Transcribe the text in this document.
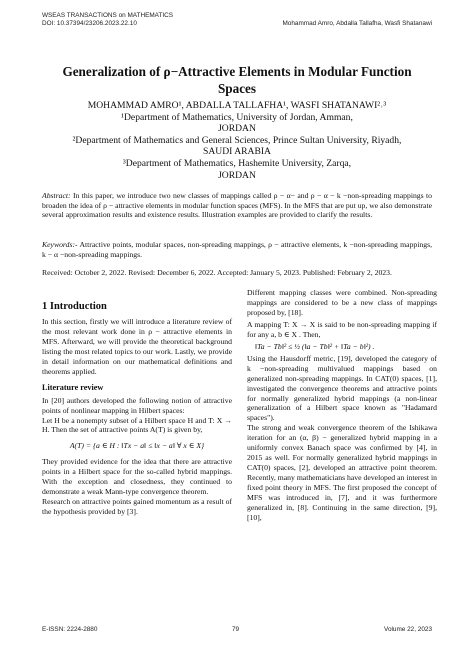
WSEAS TRANSACTIONS on MATHEMATICS
DOI: 10.37394/23206.2023.22.10	Mohammad Amro, Abdalla Tallafha, Wasfi Shatanawi
Generalization of ρ−Attractive Elements in Modular Function Spaces
MOHAMMAD AMRO¹, ABDALLA TALLAFHA¹, WASFI SHATANAWI²˒³
¹Department of Mathematics, University of Jordan, Amman,
JORDAN
²Department of Mathematics and General Sciences, Prince Sultan University, Riyadh,
SAUDI ARABIA
³Department of Mathematics, Hashemite University, Zarqa,
JORDAN
Abstract: In this paper, we introduce two new classes of mappings called ρ − α− and ρ − α − k −non-spreading mappings to broaden the idea of ρ − attractive elements in modular function spaces (MFS). In the MFS that are put up, we also demonstrate several approximation results and existence results. Illustration examples are provided to clarify the results.
Keywords:- Attractive points, modular spaces, non-spreading mappings, ρ − attractive elements, k −non-spreading mappings, k − α −non-spreading mappings.
Received: October 2, 2022. Revised: December 6, 2022. Accepted: January 5, 2023. Published: February 2, 2023.
1 Introduction

In this section, firstly we will introduce a literature review of the most relevant work done in ρ − attractive elements in MFS. Afterward, we will provide the theoretical background listing the most related topics to our work. Lastly, we provide in detail information on our mathematical definitions and theorems applied.

Literature review

In [20] authors developed the following notion of attractive points of nonlinear mapping in Hilbert spaces:

Let H be a nonempty subset of a Hilbert space H and T: X → H. Then the set of attractive points A(T) is given by,

A(T) = {a ∈ H : ‖Tx − a‖ ≤ ‖x − a‖ ∀ x ∈ X}

They provided evidence for the idea that there are attractive points in a Hilbert space for the so-called hybrid mappings. With the exception and closedness, they continued to demonstrate a weak Mann-type convergence theorem.

Research on attractive points gained momentum as a result of the hypothesis provided by [3].

Different mapping classes were combined. Non-spreading mappings are considered to be a new class of mappings proposed by, [18].

A mapping T: X → X is said to be non-spreading mapping if for any a, b ∈ X . Then,

‖Ta − Tb‖² ≤ ½ (‖a − Tb‖² + ‖Ta − b‖²) .

Using the Hausdorff metric, [19], developed the category of k −non-spreading multivalued mappings based on generalized non-spreading mappings. In CAT(0) spaces, [1], investigated the convergence theorems and attractive points for normally generalized hybrid mappings (a non-linear generalization of a Hilbert space known as "Hadamard spaces").

The strong and weak convergence theorem of the Ishikawa iteration for an (α, β) − generalized hybrid mapping in a uniformly convex Banach space was confirmed by [4], in 2015 as well. For normally generalized hybrid mappings in CAT(0) spaces, [2], developed an attractive point theorem. Recently, many mathematicians have developed an interest in fixed point theory in MFS. The first proposed the concept of MFS was introduced in, [7], and it was furthermore generalized in, [8]. Continuing in the same direction, [9], [10],

E-ISSN: 2224-2880	79	Volume 22, 2023
